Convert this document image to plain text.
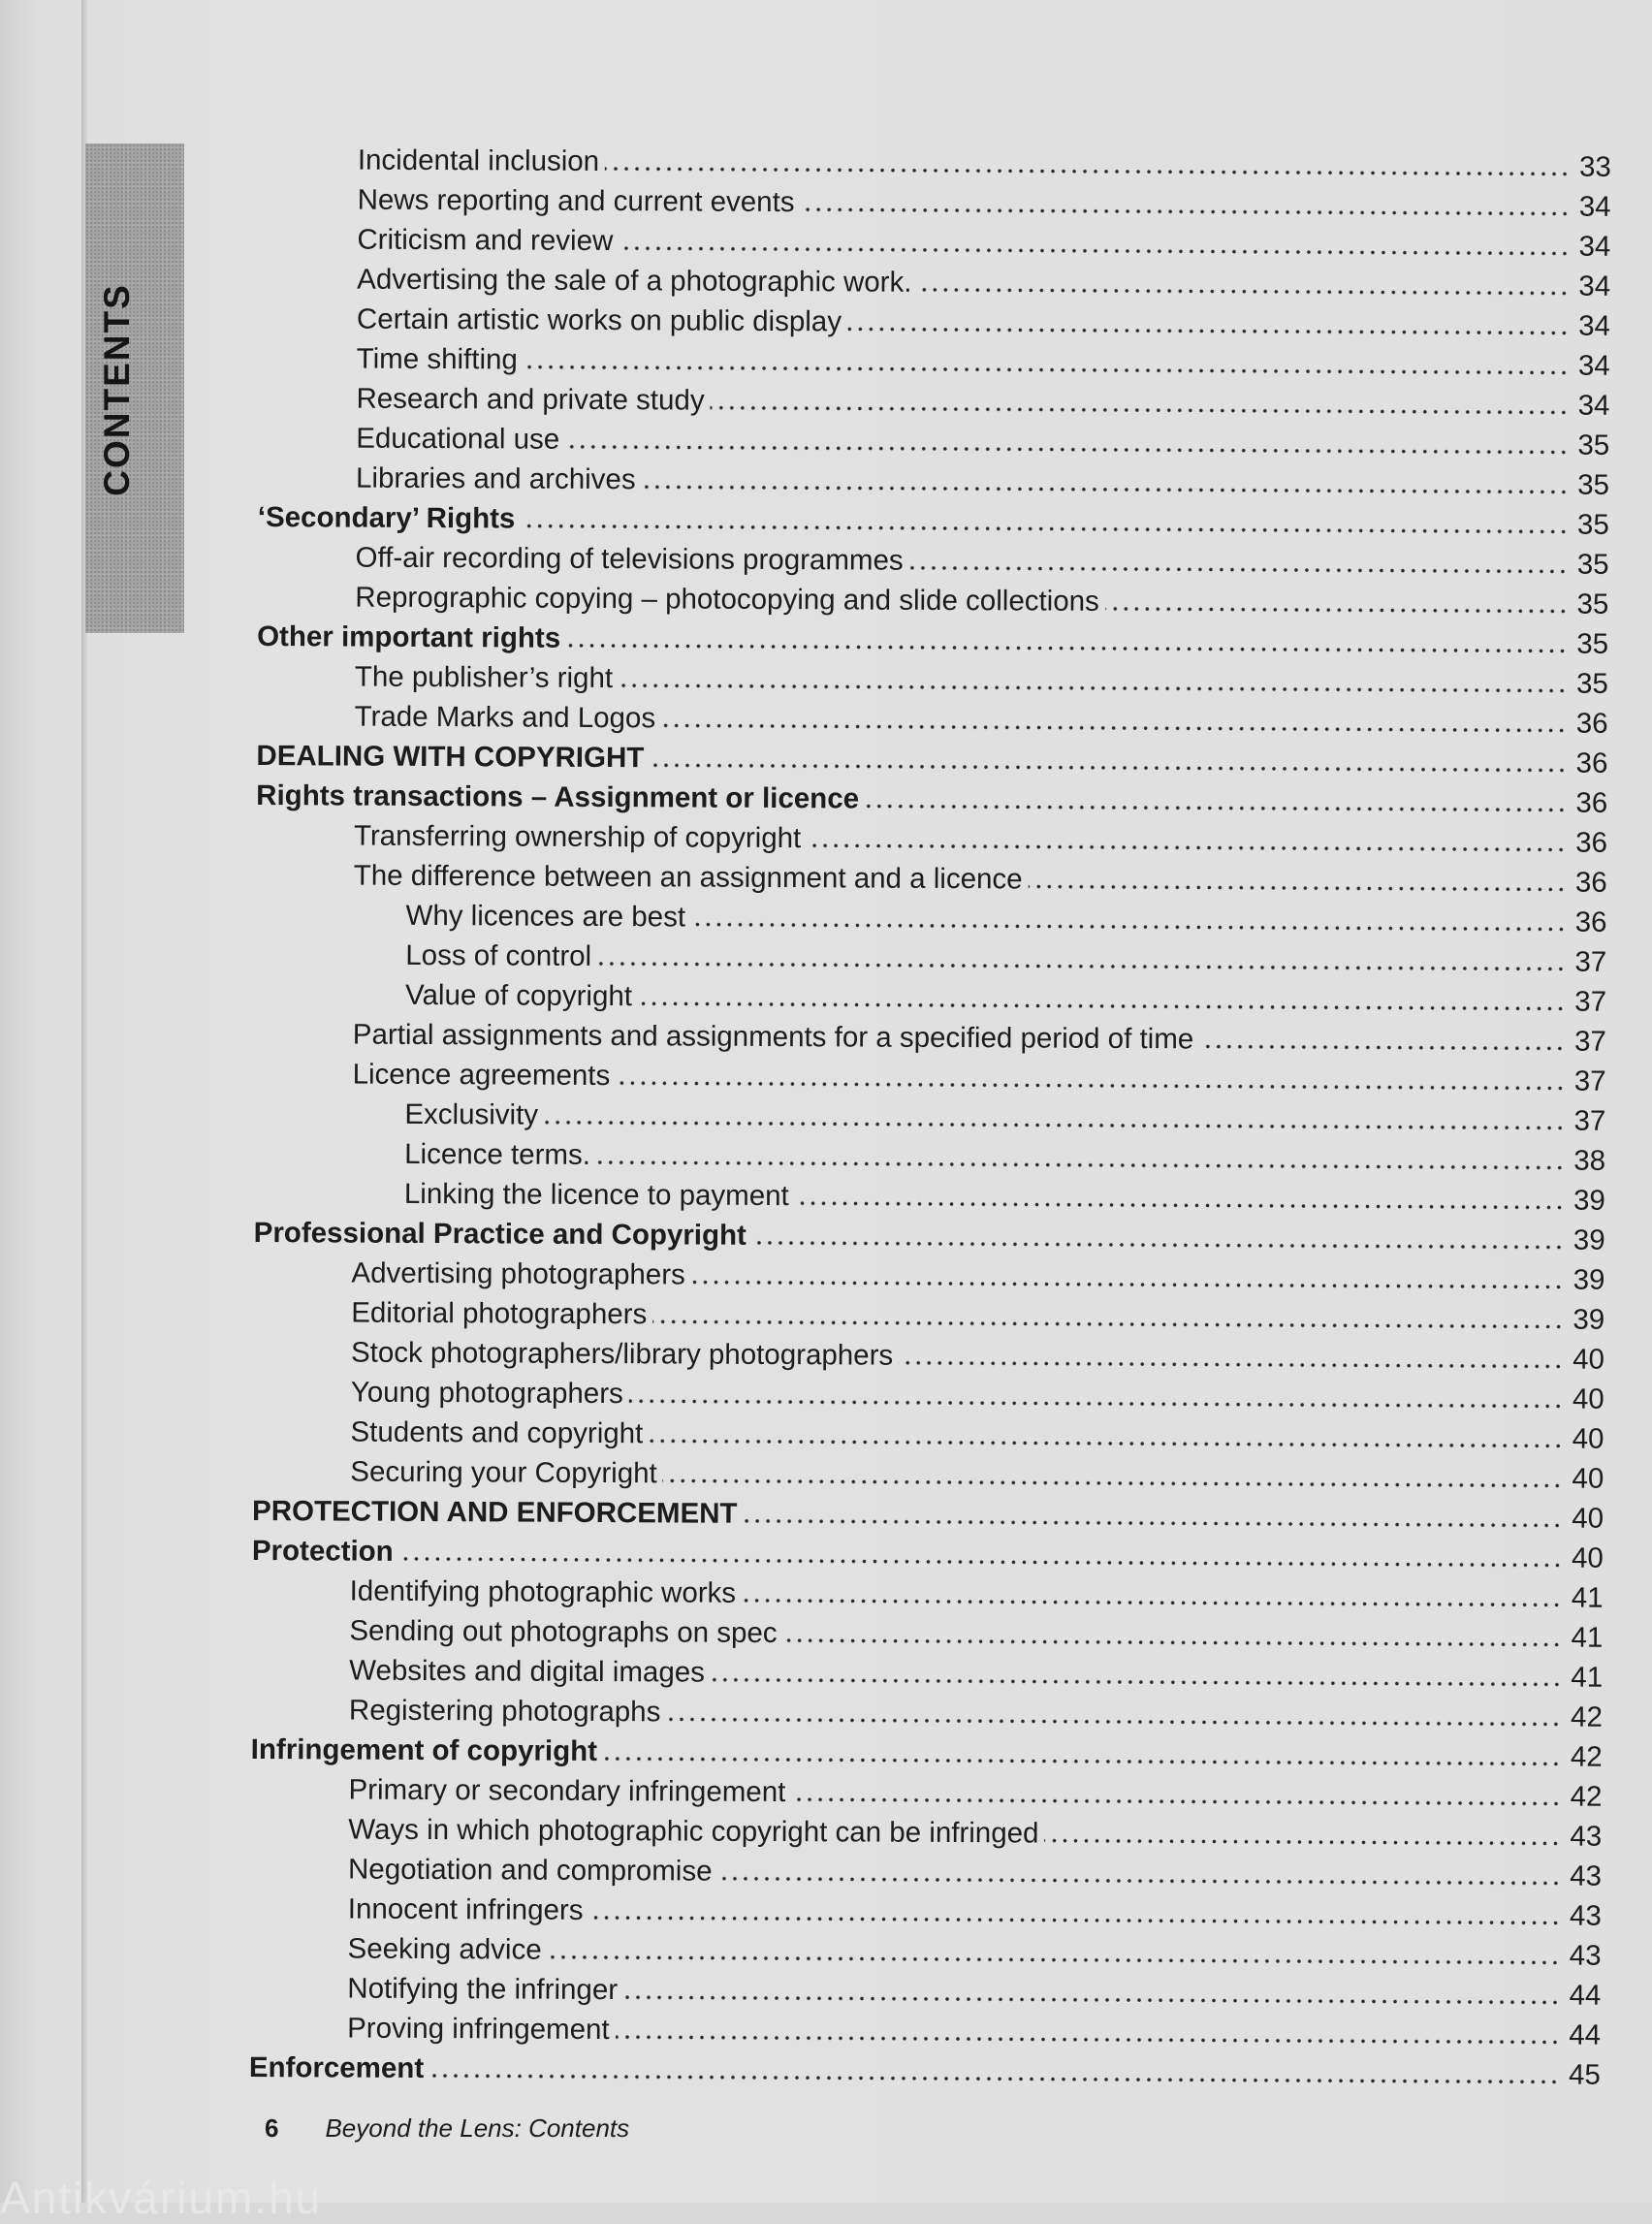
CONTENTS
Incidental inclusion	33
News reporting and current events	34
Criticism and review	34
Advertising the sale of a photographic work.	34
Certain artistic works on public display	34
Time shifting	34
Research and private study	34
Educational use	35
Libraries and archives	35
‘Secondary’ Rights	35
Off-air recording of televisions programmes	35
Reprographic copying – photocopying and slide collections	35
Other important rights	35
The publisher’s right	35
Trade Marks and Logos	36
DEALING WITH COPYRIGHT	36
Rights transactions – Assignment or licence	36
Transferring ownership of copyright	36
The difference between an assignment and a licence	36
Why licences are best	36
Loss of control	37
Value of copyright	37
Partial assignments and assignments for a specified period of time	37
Licence agreements	37
Exclusivity	37
Licence terms.	38
Linking the licence to payment	39
Professional Practice and Copyright	39
Advertising photographers	39
Editorial photographers	39
Stock photographers/library photographers	40
Young photographers	40
Students and copyright	40
Securing your Copyright	40
PROTECTION AND ENFORCEMENT	40
Protection	40
Identifying photographic works	41
Sending out photographs on spec	41
Websites and digital images	41
Registering photographs	42
Infringement of copyright	42
Primary or secondary infringement	42
Ways in which photographic copyright can be infringed	43
Negotiation and compromise	43
Innocent infringers	43
Seeking advice	43
Notifying the infringer	44
Proving infringement	44
Enforcement	45
6 Beyond the Lens: Contents
Antikvárium.hu
